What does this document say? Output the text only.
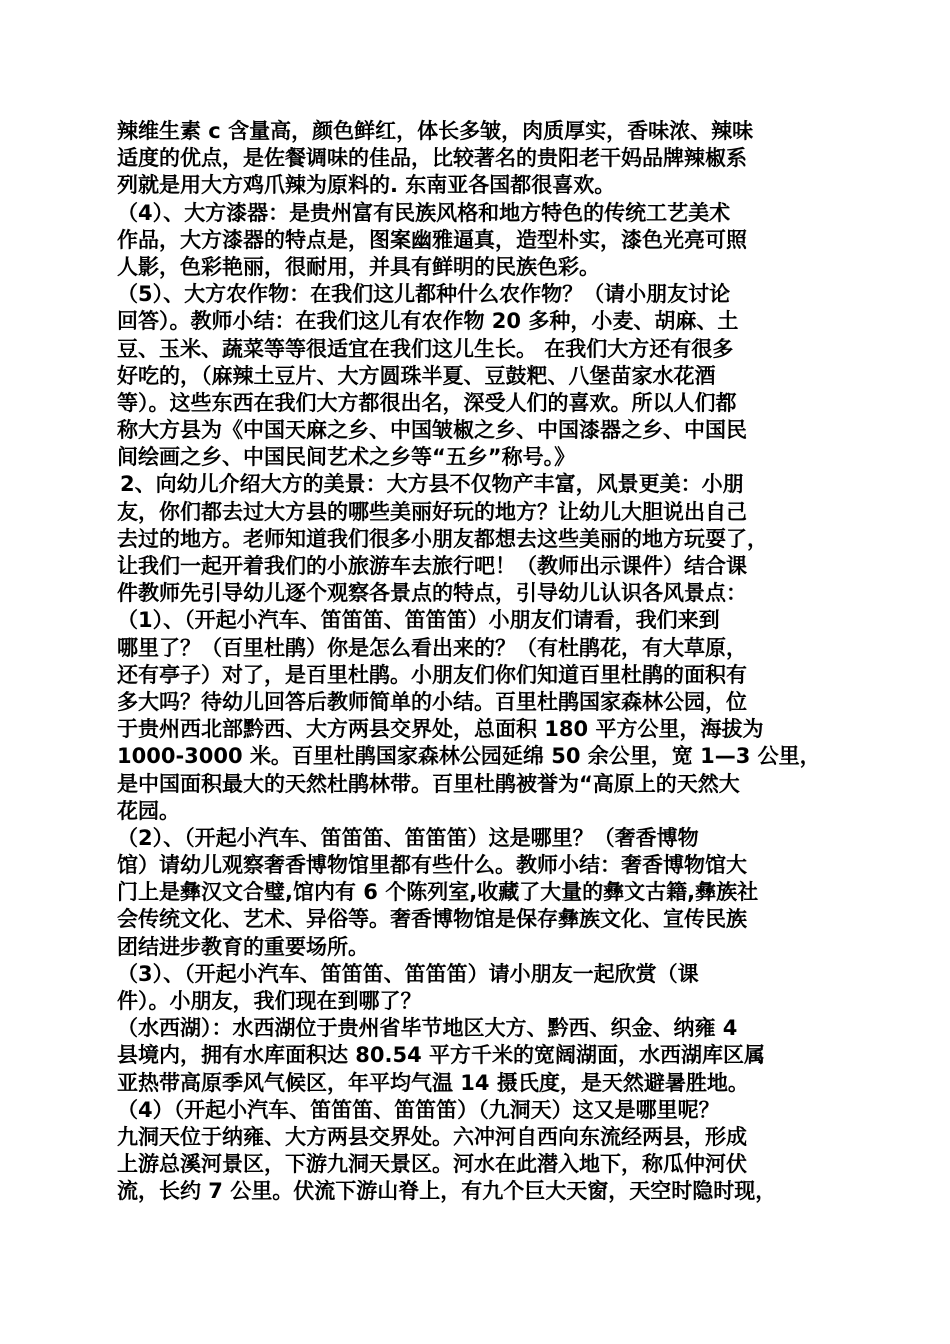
辣维生素 c 含量高，颜色鲜红，体长多皱，肉质厚实，香味浓、辣味
适度的优点，是佐餐调味的佳品，比较著名的贵阳老干妈品牌辣椒系
列就是用大方鸡爪辣为原料的. 东南亚各国都很喜欢。
（4）、大方漆器：是贵州富有民族风格和地方特色的传统工艺美术
作品，大方漆器的特点是，图案幽雅逼真，造型朴实，漆色光亮可照
人影，色彩艳丽，很耐用，并具有鲜明的民族色彩。
（5）、大方农作物：在我们这儿都种什么农作物？（请小朋友讨论
回答）。教师小结：在我们这儿有农作物 20 多种，小麦、胡麻、土
豆、玉米、蔬菜等等很适宜在我们这儿生长。 在我们大方还有很多
好吃的，（麻辣土豆片、大方圆珠半夏、豆鼓粑、八堡苗家水花酒
等）。这些东西在我们大方都很出名，深受人们的喜欢。所以人们都
称大方县为《中国天麻之乡、中国皱椒之乡、中国漆器之乡、中国民
间绘画之乡、中国民间艺术之乡等“五乡”称号。》
2、向幼儿介绍大方的美景：大方县不仅物产丰富，风景更美：小朋
友，你们都去过大方县的哪些美丽好玩的地方？让幼儿大胆说出自己
去过的地方。老师知道我们很多小朋友都想去这些美丽的地方玩耍了，
让我们一起开着我们的小旅游车去旅行吧！（教师出示课件）结合课
件教师先引导幼儿逐个观察各景点的特点，引导幼儿认识各风景点：
（1）、（开起小汽车、笛笛笛、笛笛笛）小朋友们请看，我们来到
哪里了？（百里杜鹃）你是怎么看出来的？（有杜鹃花，有大草原，
还有亭子）对了，是百里杜鹃。小朋友们你们知道百里杜鹃的面积有
多大吗？待幼儿回答后教师简单的小结。百里杜鹃国家森林公园，位
于贵州西北部黔西、大方两县交界处，总面积 180 平方公里，海拔为
1000-3000 米。百里杜鹃国家森林公园延绵 50 余公里，宽 1—3 公里，
是中国面积最大的天然杜鹃林带。百里杜鹃被誉为“高原上的天然大
花园。
（2）、（开起小汽车、笛笛笛、笛笛笛）这是哪里？（奢香博物
馆）请幼儿观察奢香博物馆里都有些什么。教师小结：奢香博物馆大
门上是彝汉文合璧,馆内有 6 个陈列室,收藏了大量的彝文古籍,彝族社
会传统文化、艺术、异俗等。奢香博物馆是保存彝族文化、宣传民族
团结进步教育的重要场所。
（3）、（开起小汽车、笛笛笛、笛笛笛）请小朋友一起欣赏（课
件）。小朋友，我们现在到哪了？
（水西湖）：水西湖位于贵州省毕节地区大方、黔西、织金、纳雍 4
县境内，拥有水库面积达 80.54 平方千米的宽阔湖面，水西湖库区属
亚热带高原季风气候区，年平均气温 14 摄氏度，是天然避暑胜地。
（4）（开起小汽车、笛笛笛、笛笛笛）（九洞天）这又是哪里呢？
九洞天位于纳雍、大方两县交界处。六冲河自西向东流经两县，形成
上游总溪河景区，下游九洞天景区。河水在此潜入地下，称瓜仲河伏
流，长约 7 公里。伏流下游山脊上，有九个巨大天窗，天空时隐时现，
